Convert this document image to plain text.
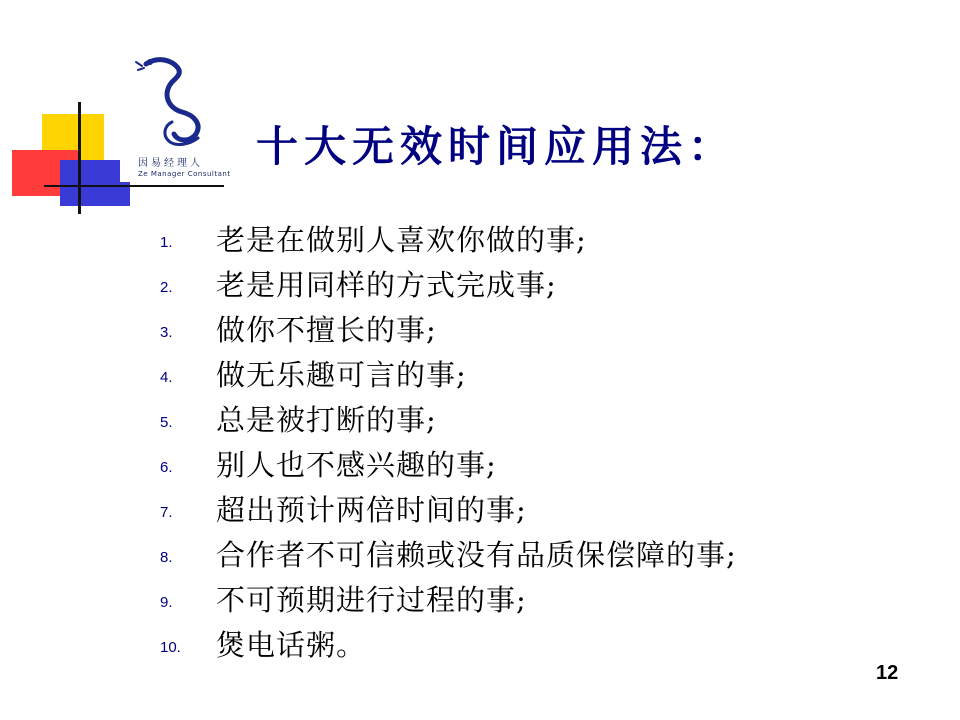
因易经理人
Ze Manager Consultant
十大无效时间应用法：
1.	老是在做别人喜欢你做的事;
2.	老是用同样的方式完成事;
3.	做你不擅长的事;
4.	做无乐趣可言的事;
5.	总是被打断的事;
6.	别人也不感兴趣的事;
7.	超出预计两倍时间的事;
8.	合作者不可信赖或没有品质保偿障的事;
9.	不可预期进行过程的事;
10.	煲电话粥。
12
